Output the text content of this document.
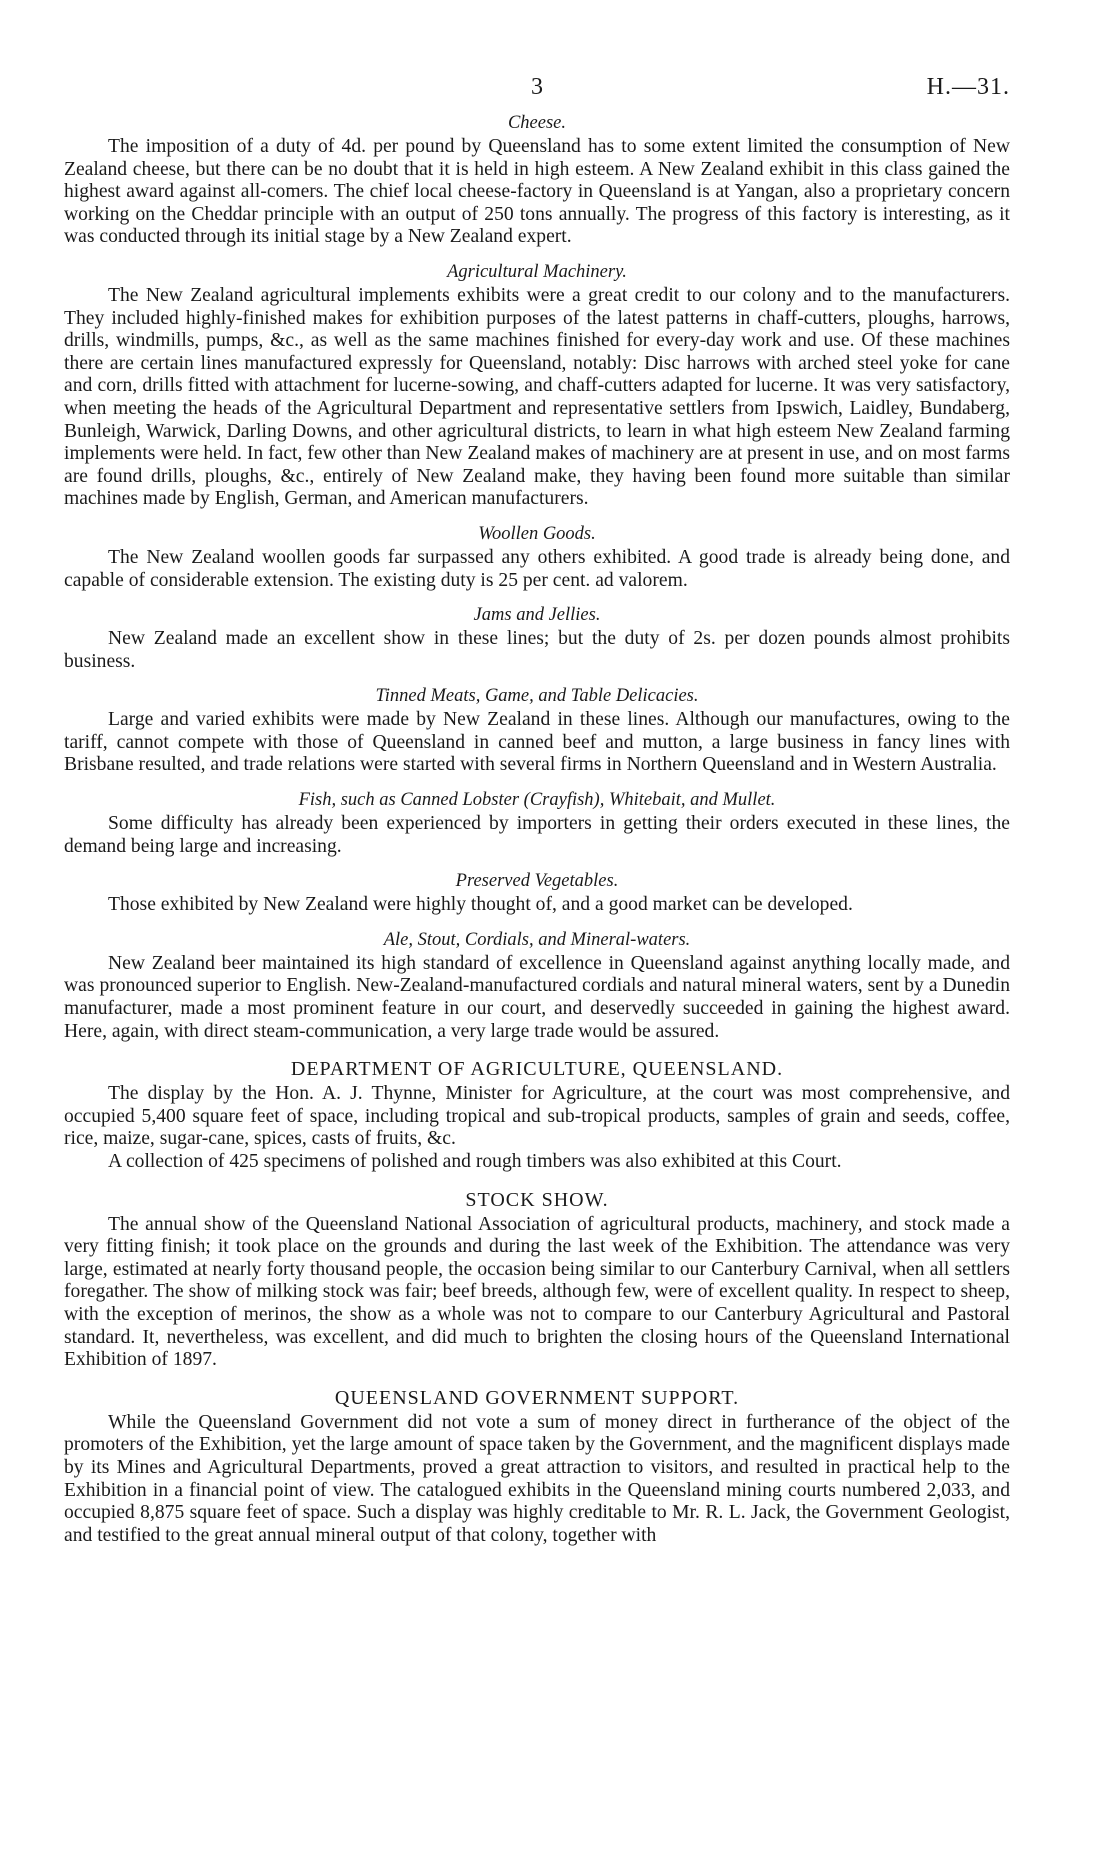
3	H.—31.
Cheese.

The imposition of a duty of 4d. per pound by Queensland has to some extent limited the consumption of New Zealand cheese, but there can be no doubt that it is held in high esteem. A New Zealand exhibit in this class gained the highest award against all-comers. The chief local cheese-factory in Queensland is at Yangan, also a proprietary concern working on the Cheddar principle with an output of 250 tons annually. The progress of this factory is interesting, as it was conducted through its initial stage by a New Zealand expert.

Agricultural Machinery.

The New Zealand agricultural implements exhibits were a great credit to our colony and to the manufacturers. They included highly-finished makes for exhibition purposes of the latest patterns in chaff-cutters, ploughs, harrows, drills, windmills, pumps, &c., as well as the same machines finished for every-day work and use. Of these machines there are certain lines manufactured expressly for Queensland, notably: Disc harrows with arched steel yoke for cane and corn, drills fitted with attachment for lucerne-sowing, and chaff-cutters adapted for lucerne. It was very satisfactory, when meeting the heads of the Agricultural Department and representative settlers from Ipswich, Laidley, Bundaberg, Bunleigh, Warwick, Darling Downs, and other agricultural districts, to learn in what high esteem New Zealand farming implements were held. In fact, few other than New Zealand makes of machinery are at present in use, and on most farms are found drills, ploughs, &c., entirely of New Zealand make, they having been found more suitable than similar machines made by English, German, and American manufacturers.

Woollen Goods.

The New Zealand woollen goods far surpassed any others exhibited. A good trade is already being done, and capable of considerable extension. The existing duty is 25 per cent. ad valorem.

Jams and Jellies.

New Zealand made an excellent show in these lines; but the duty of 2s. per dozen pounds almost prohibits business.

Tinned Meats, Game, and Table Delicacies.

Large and varied exhibits were made by New Zealand in these lines. Although our manufactures, owing to the tariff, cannot compete with those of Queensland in canned beef and mutton, a large business in fancy lines with Brisbane resulted, and trade relations were started with several firms in Northern Queensland and in Western Australia.

Fish, such as Canned Lobster (Crayfish), Whitebait, and Mullet.

Some difficulty has already been experienced by importers in getting their orders executed in these lines, the demand being large and increasing.

Preserved Vegetables.

Those exhibited by New Zealand were highly thought of, and a good market can be developed.

Ale, Stout, Cordials, and Mineral-waters.

New Zealand beer maintained its high standard of excellence in Queensland against anything locally made, and was pronounced superior to English. New-Zealand-manufactured cordials and natural mineral waters, sent by a Dunedin manufacturer, made a most prominent feature in our court, and deservedly succeeded in gaining the highest award. Here, again, with direct steam-communication, a very large trade would be assured.

DEPARTMENT OF AGRICULTURE, QUEENSLAND.

The display by the Hon. A. J. Thynne, Minister for Agriculture, at the court was most comprehensive, and occupied 5,400 square feet of space, including tropical and sub-tropical products, samples of grain and seeds, coffee, rice, maize, sugar-cane, spices, casts of fruits, &c.

A collection of 425 specimens of polished and rough timbers was also exhibited at this Court.

STOCK SHOW.

The annual show of the Queensland National Association of agricultural products, machinery, and stock made a very fitting finish; it took place on the grounds and during the last week of the Exhibition. The attendance was very large, estimated at nearly forty thousand people, the occasion being similar to our Canterbury Carnival, when all settlers foregather. The show of milking stock was fair; beef breeds, although few, were of excellent quality. In respect to sheep, with the exception of merinos, the show as a whole was not to compare to our Canterbury Agricultural and Pastoral standard. It, nevertheless, was excellent, and did much to brighten the closing hours of the Queensland International Exhibition of 1897.

QUEENSLAND GOVERNMENT SUPPORT.

While the Queensland Government did not vote a sum of money direct in furtherance of the object of the promoters of the Exhibition, yet the large amount of space taken by the Government, and the magnificent displays made by its Mines and Agricultural Departments, proved a great attraction to visitors, and resulted in practical help to the Exhibition in a financial point of view. The catalogued exhibits in the Queensland mining courts numbered 2,033, and occupied 8,875 square feet of space. Such a display was highly creditable to Mr. R. L. Jack, the Government Geologist, and testified to the great annual mineral output of that colony, together with
